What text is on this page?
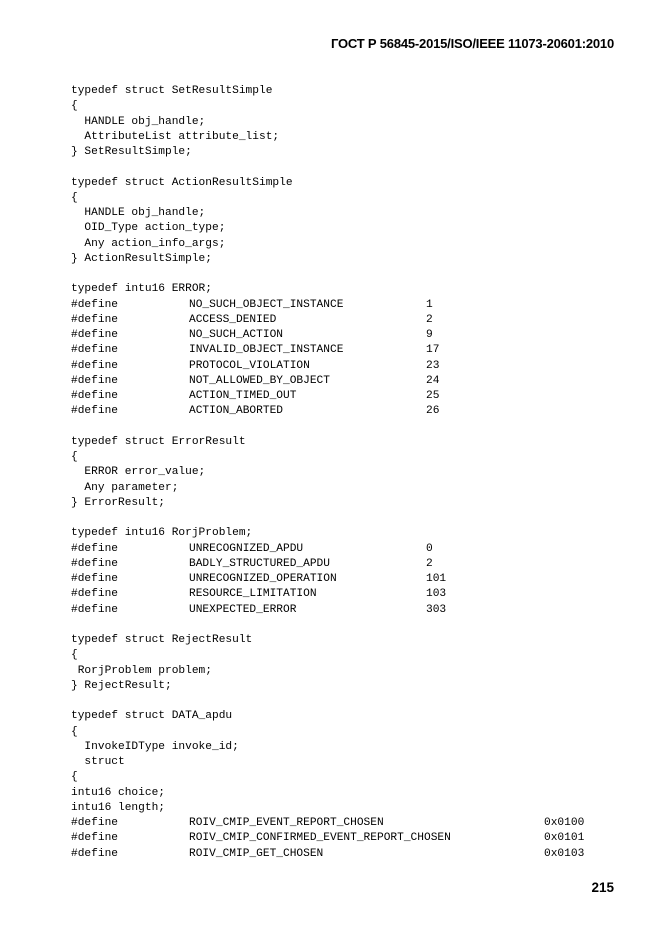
ГОСТ Р 56845-2015/ISO/IEEE 11073-20601:2010
typedef struct SetResultSimple
{
HANDLE obj_handle;
AttributeList attribute_list;
} SetResultSimple;
typedef struct ActionResultSimple
{
HANDLE obj_handle;
OID_Type action_type;
Any action_info_args;
} ActionResultSimple;
typedef intu16 ERROR;
#define	NO_SUCH_OBJECT_INSTANCE	1
#define	ACCESS_DENIED	2
#define	NO_SUCH_ACTION	9
#define	INVALID_OBJECT_INSTANCE	17
#define	PROTOCOL_VIOLATION	23
#define	NOT_ALLOWED_BY_OBJECT	24
#define	ACTION_TIMED_OUT	25
#define	ACTION_ABORTED	26
typedef struct ErrorResult
{
ERROR error_value;
Any parameter;
} ErrorResult;
typedef intu16 RorjProblem;
#define	UNRECOGNIZED_APDU	0
#define	BADLY_STRUCTURED_APDU	2
#define	UNRECOGNIZED_OPERATION	101
#define	RESOURCE_LIMITATION	103
#define	UNEXPECTED_ERROR	303
typedef struct RejectResult
{
RorjProblem problem;
} RejectResult;
typedef struct DATA_apdu
{
InvokeIDType invoke_id;
struct
{
intu16 choice;
intu16 length;
#define	ROIV_CMIP_EVENT_REPORT_CHOSEN	0x0100
#define	ROIV_CMIP_CONFIRMED_EVENT_REPORT_CHOSEN	0x0101
#define	ROIV_CMIP_GET_CHOSEN	0x0103
215
